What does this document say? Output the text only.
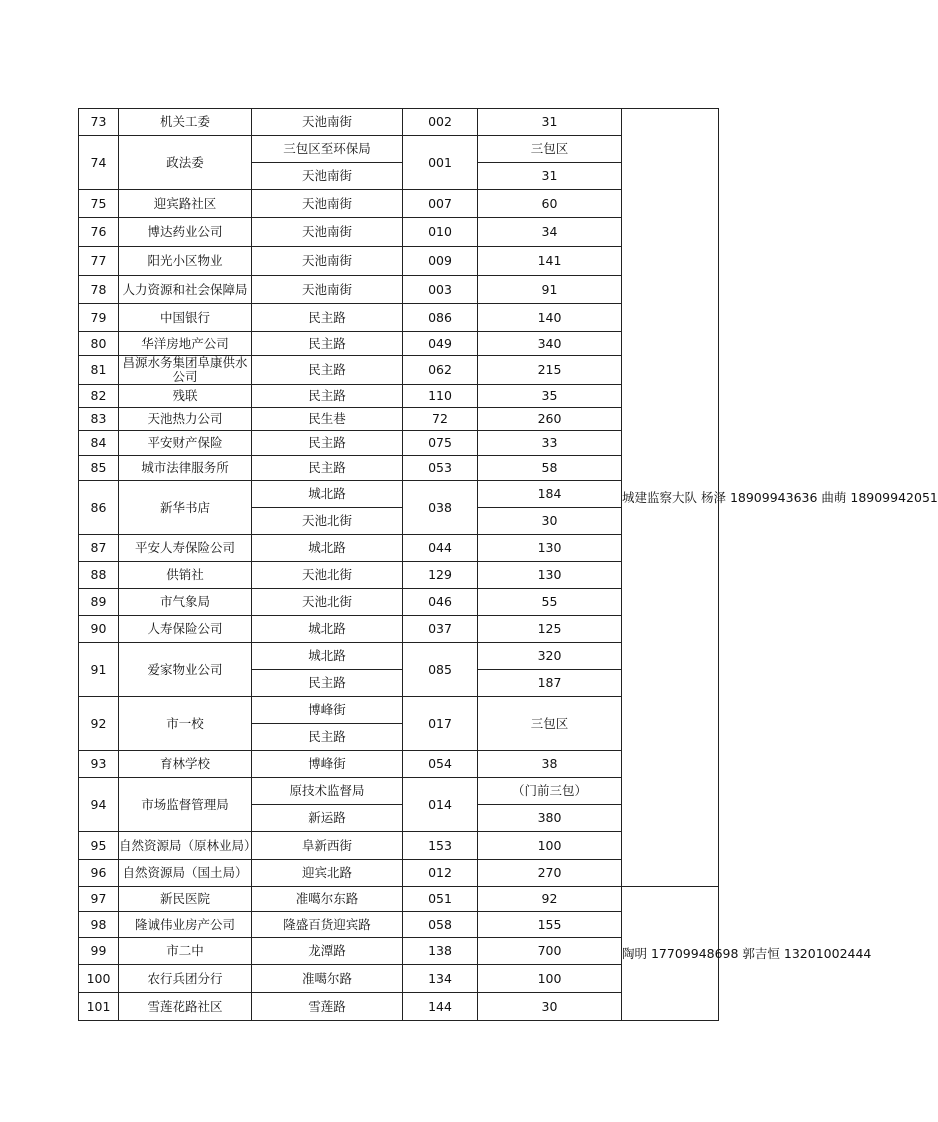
73	机关工委	天池南街	002	31	城建监察大队 杨泽 18909943636 曲萌 18909942051
74	政法委	三包区至环保局	001	三包区	
		天池南街		31	
75	迎宾路社区	天池南街	007	60	
76	博达药业公司	天池南街	010	34	
77	阳光小区物业	天池南街	009	141	
78	人力资源和社会保障局	天池南街	003	91	
79	中国银行	民主路	086	140	
80	华洋房地产公司	民主路	049	340	
81	昌源水务集团阜康供水公司	民主路	062	215	
82	残联	民主路	110	35	
83	天池热力公司	民生巷	72	260	
84	平安财产保险	民主路	075	33	
85	城市法律服务所	民主路	053	58	
86	新华书店	城北路	038	184	
		天池北街		30	
87	平安人寿保险公司	城北路	044	130	
88	供销社	天池北街	129	130	
89	市气象局	天池北街	046	55	
90	人寿保险公司	城北路	037	125	
91	爱家物业公司	城北路	085	320	
		民主路		187	
92	市一校	博峰街	017	三包区	
		民主路			
93	育林学校	博峰街	054	38	
94	市场监督管理局	原技术监督局	014	（门前三包）	
		新运路		380	
95	自然资源局（原林业局）	阜新西街	153	100	
96	自然资源局（国土局）	迎宾北路	012	270	
97	新民医院	准噶尔东路	051	92	陶明 17709948698 郭吉恒 13201002444
98	隆诚伟业房产公司	隆盛百货迎宾路	058	155	
99	市二中	龙潭路	138	700	
100	农行兵团分行	准噶尔路	134	100	
101	雪莲花路社区	雪莲路	144	30	
